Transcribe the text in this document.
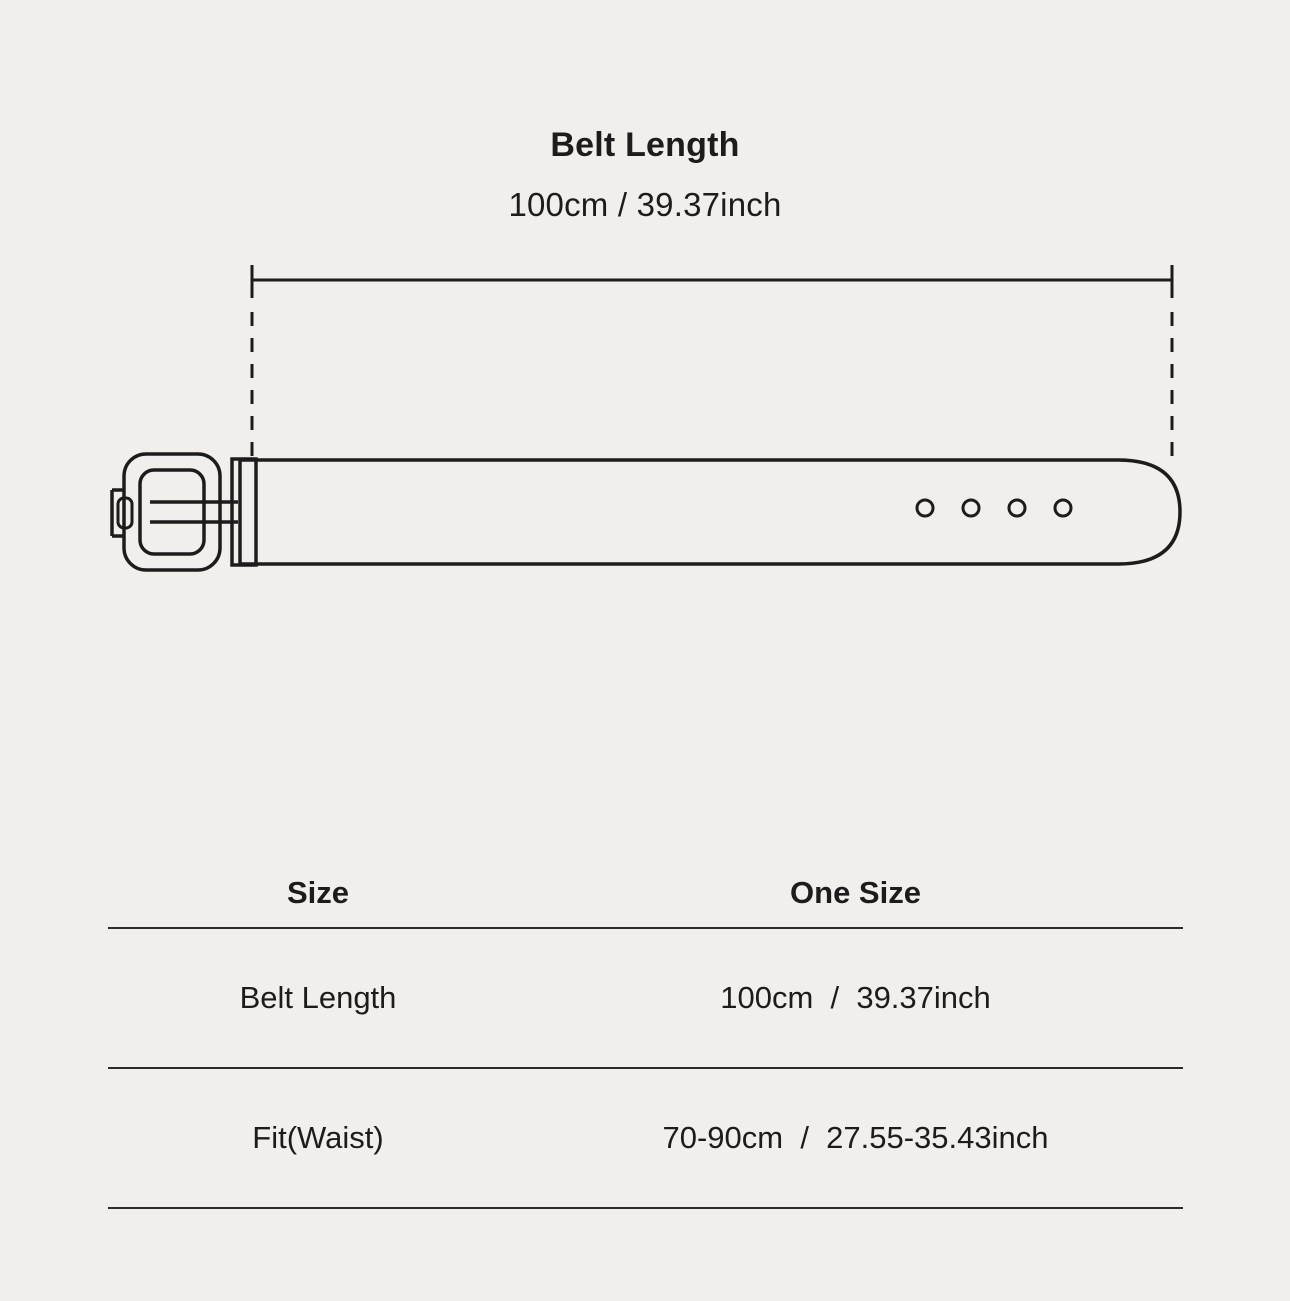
Belt Length
100cm / 39.37inch
Size	One Size
Belt Length	100cm  /  39.37inch
Fit(Waist)	70-90cm  /  27.55-35.43inch
